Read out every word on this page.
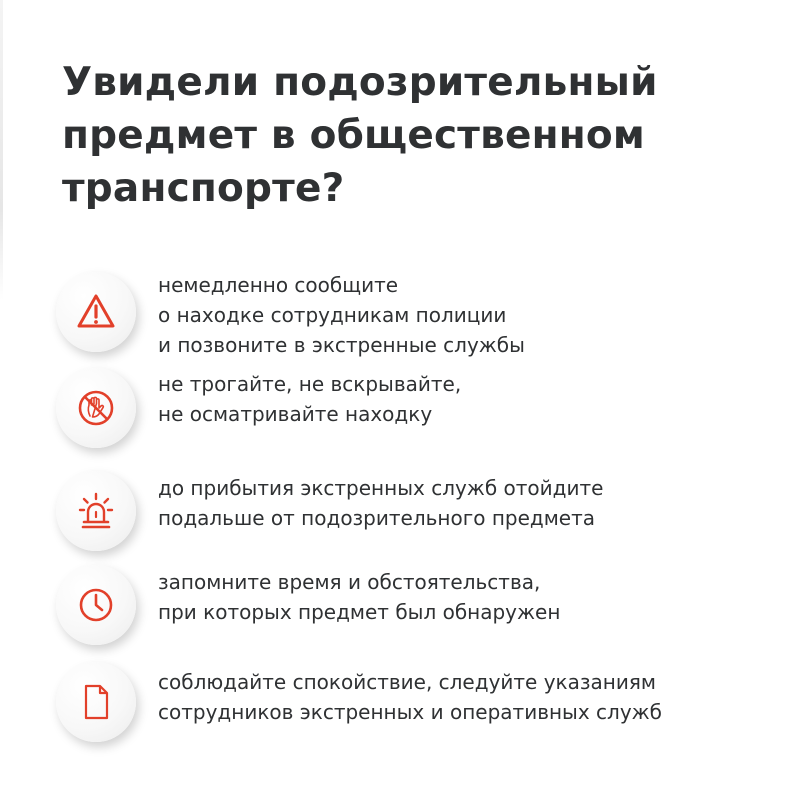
Увидели подозрительный
предмет в общественном
транспорте?
немедленно сообщите
о находке сотрудникам полиции
и позвоните в экстренные службы
не трогайте, не вскрывайте,
не осматривайте находку
до прибытия экстренных служб отойдите
подальше от подозрительного предмета
запомните время и обстоятельства,
при которых предмет был обнаружен
соблюдайте спокойствие, следуйте указаниям
сотрудников экстренных и оперативных служб
